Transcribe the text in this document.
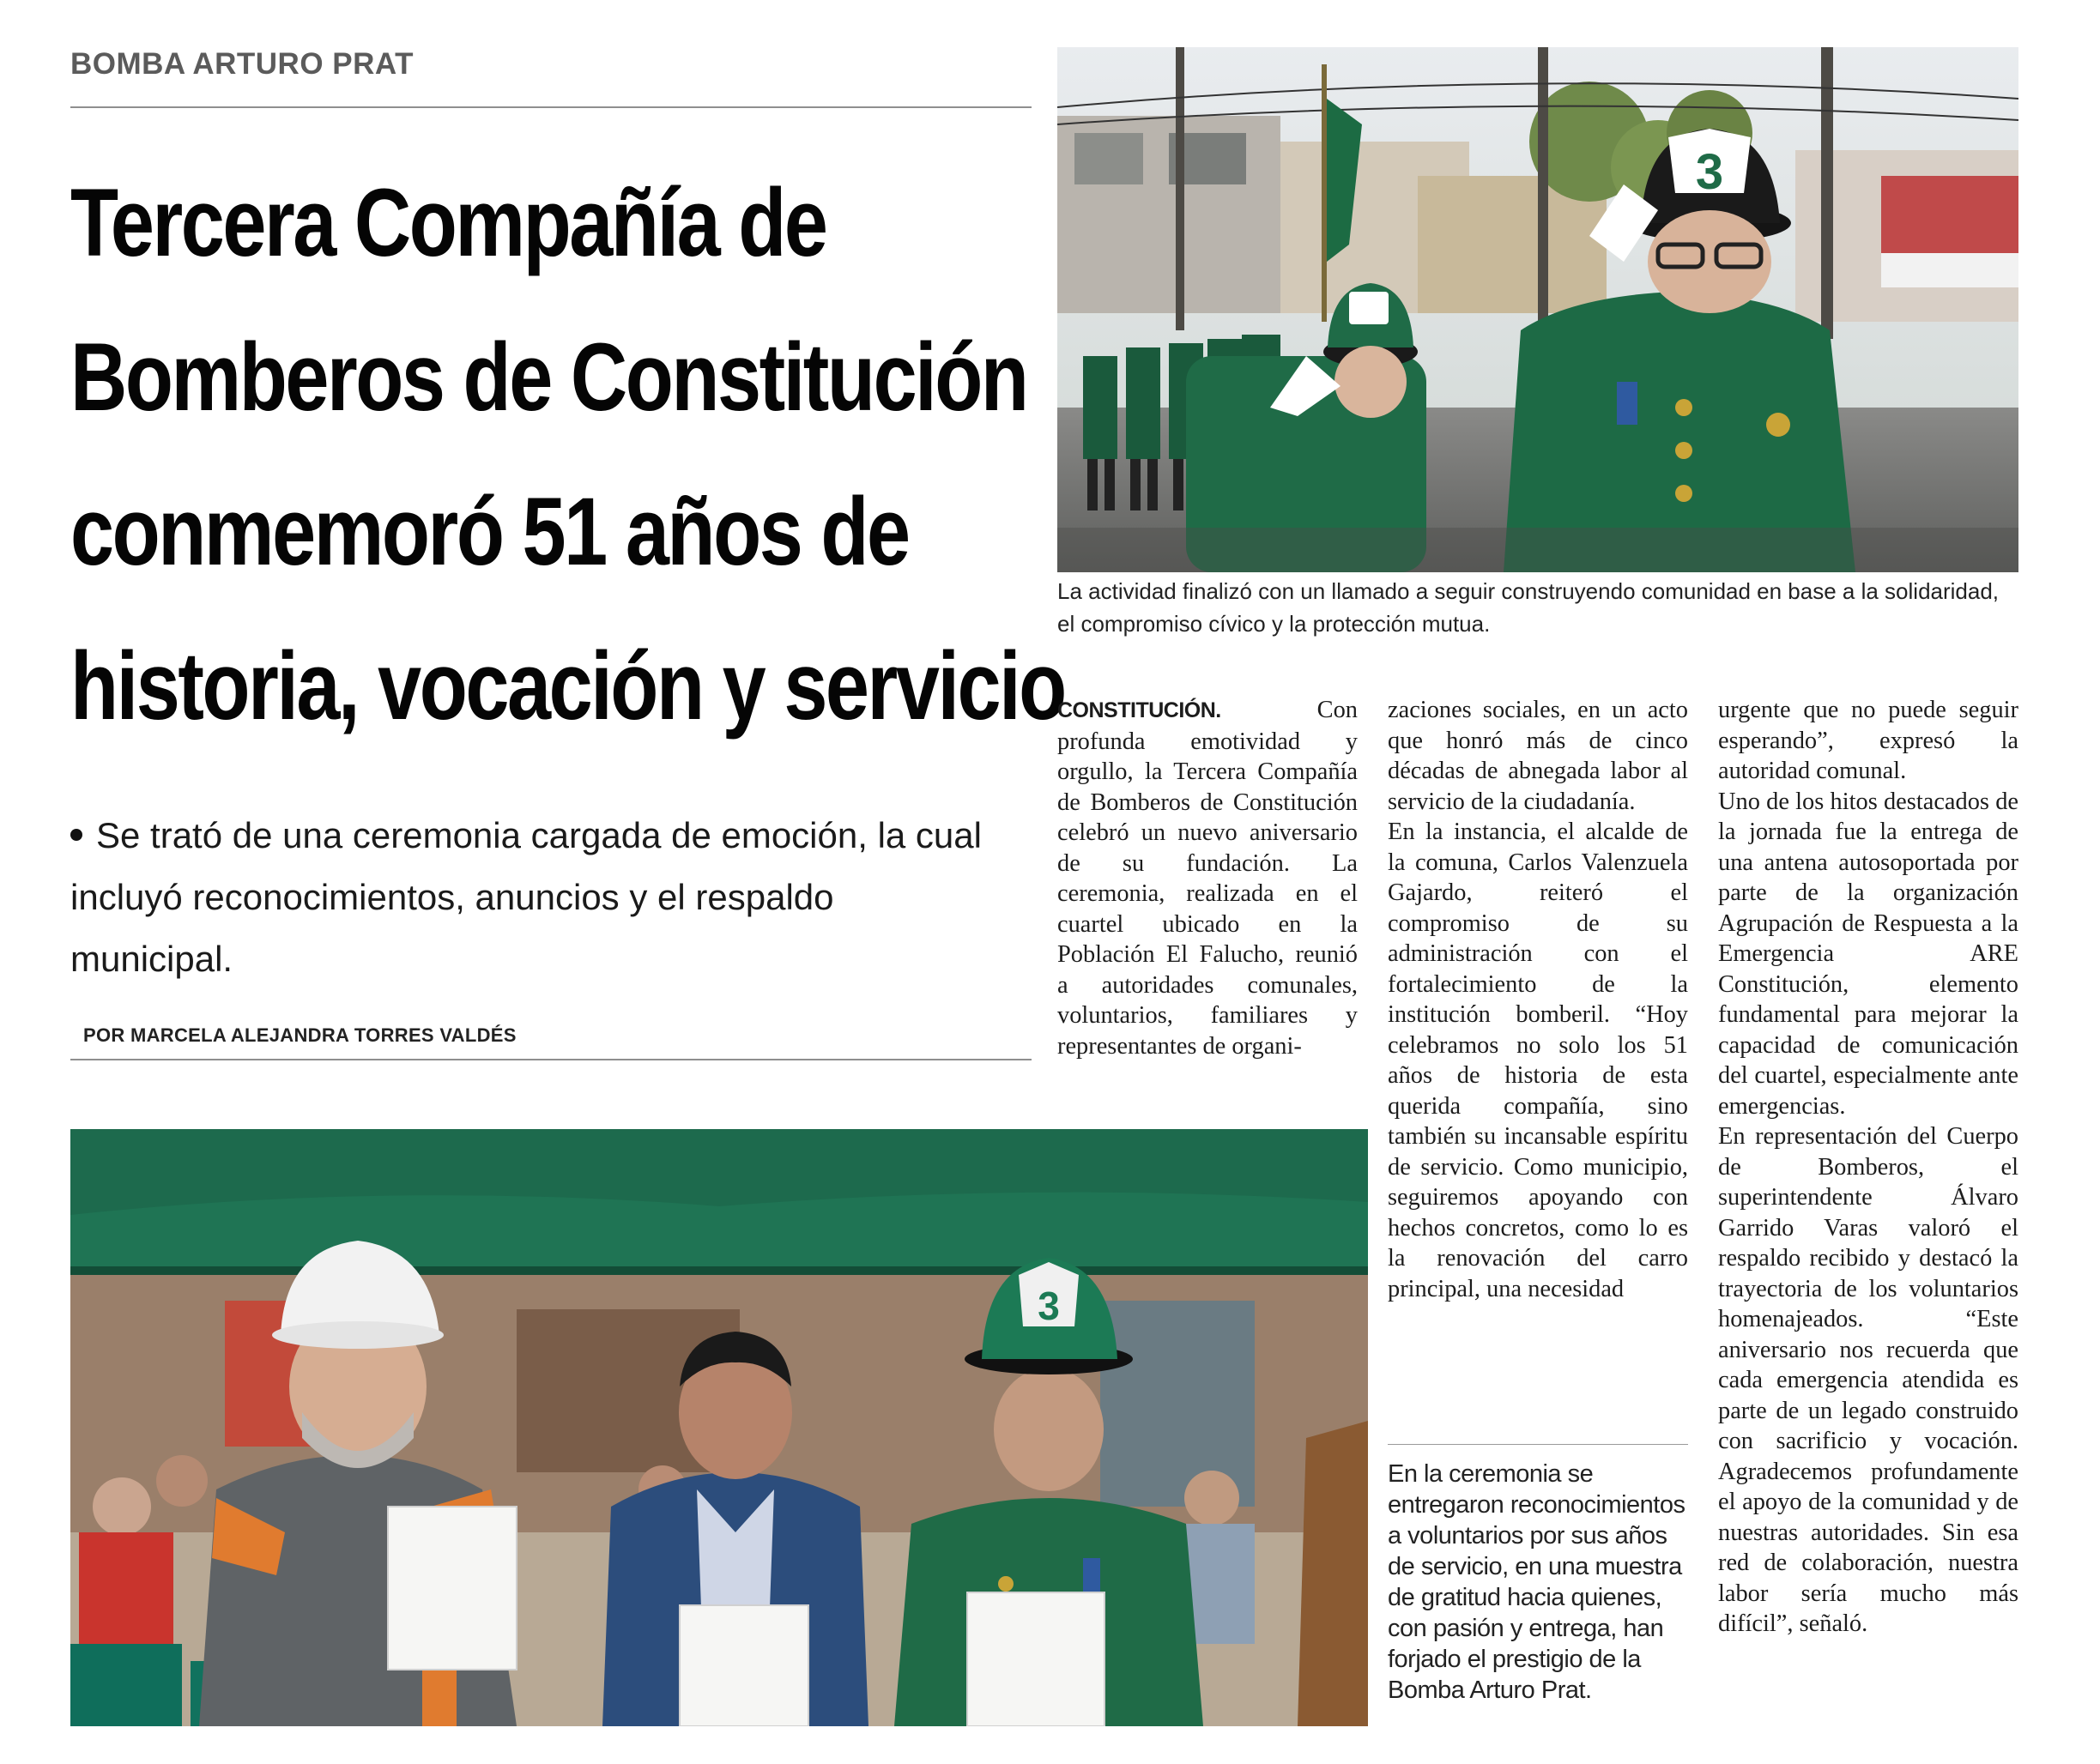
BOMBA ARTURO PRAT
Tercera Compañía de
Bomberos de Constitución
conmemoró 51 años de
historia, vocación y servicio
Se trató de una ceremonia cargada de emoción, la cual incluyó reconocimientos, anuncios y el respaldo municipal.
POR MARCELA ALEJANDRA TORRES VALDÉS
3
La actividad finalizó con un llamado a seguir construyendo comunidad en base a la solidaridad, el compromiso cívico y la protección mutua.
3
En la ceremonia se entregaron reconocimientos a voluntarios por sus años de servicio, en una muestra de gratitud hacia quienes, con pasión y entrega, han forjado el prestigio de la Bomba Arturo Prat.

CONSTITUCIÓN.	Con profunda emotividad y orgullo, la Tercera Compañía de Bomberos de Constitución celebró un nuevo aniversario de su fundación. La ceremonia, realizada en el cuartel ubicado en la Población El Falucho, reunió a autoridades comunales, voluntarios, familiares y representantes de organi-

zaciones sociales, en un acto que honró más de cinco décadas de abnegada labor al servicio de la ciudadanía.

En la instancia, el alcalde de la comuna, Carlos Valenzuela Gajardo, reiteró el compromiso de su administración con el fortalecimiento de la institución bomberil. “Hoy celebramos no solo los 51 años de historia de esta querida compañía, sino también su incansable espíritu de servicio. Como municipio, seguiremos apoyando con hechos concretos, como lo es la renovación del carro principal, una necesidad

urgente que no puede seguir esperando”, expresó la autoridad comunal.

Uno de los hitos destacados de la jornada fue la entrega de una antena autosoportada por parte de la organización Agrupación de Respuesta a la Emergencia ARE Constitución, elemento fundamental para mejorar la capacidad de comunicación del cuartel, especialmente ante emergencias.

En representación del Cuerpo de Bomberos, el superintendente Álvaro Garrido Varas valoró el respaldo recibido y destacó la trayectoria de los voluntarios homenajeados. “Este aniversario nos recuerda que cada emergencia atendida es parte de un legado construido con sacrificio y vocación. Agradecemos profundamente el apoyo de la comunidad y de nuestras autoridades. Sin esa red de colaboración, nuestra labor sería mucho más difícil”, señaló.
